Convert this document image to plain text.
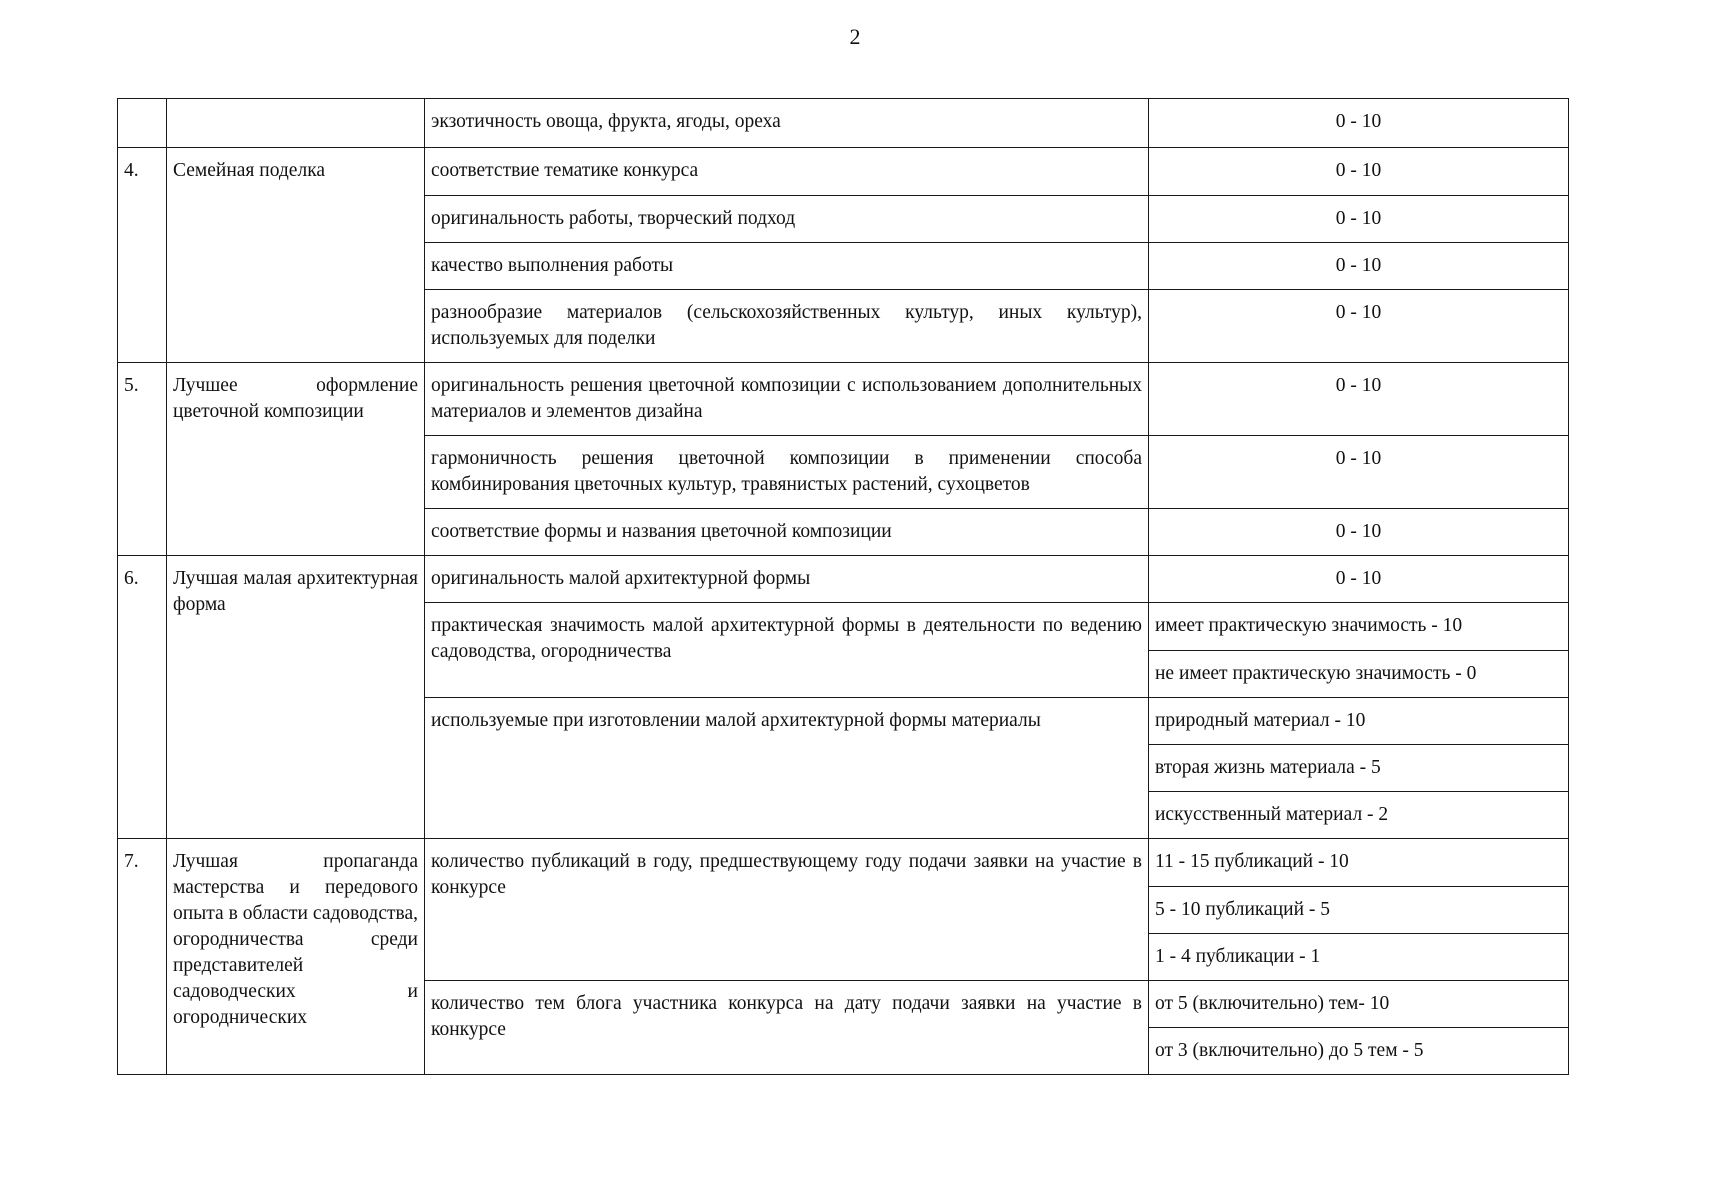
2
		экзотичность овоща, фрукта, ягоды, ореха	0 - 10
4.	Семейная поделка	соответствие тематике конкурса	0 - 10
		оригинальность работы, творческий подход	0 - 10
		качество выполнения работы	0 - 10
		разнообразие материалов (сельскохозяйственных культур, иных культур), используемых для поделки	0 - 10
5.	Лучшее оформление цветочной композиции	оригинальность решения цветочной композиции с использованием дополнительных материалов и элементов дизайна	0 - 10
		гармоничность решения цветочной композиции в применении способа комбинирования цветочных культур, травянистых растений, сухоцветов	0 - 10
		соответствие формы и названия цветочной композиции	0 - 10
6.	Лучшая малая архитектурная форма	оригинальность малой архитектурной формы	0 - 10
		практическая значимость малой архитектурной формы в деятельности по ведению садоводства, огородничества	имеет практическую значимость - 10
			не имеет практическую значимость - 0
		используемые при изготовлении малой архитектурной формы материалы	природный материал - 10
			вторая жизнь материала - 5
			искусственный материал - 2
7.	Лучшая пропаганда мастерства и передового опыта в области садоводства, огородничества среди представителей садоводческих и огороднических	количество публикаций в году, предшествующему году подачи заявки на участие в конкурсе	11 - 15 публикаций - 10
			5 - 10 публикаций - 5
			1 - 4 публикации - 1
		количество тем блога участника конкурса на дату подачи заявки на участие в конкурсе	от 5 (включительно) тем- 10
			от 3 (включительно) до 5 тем - 5
